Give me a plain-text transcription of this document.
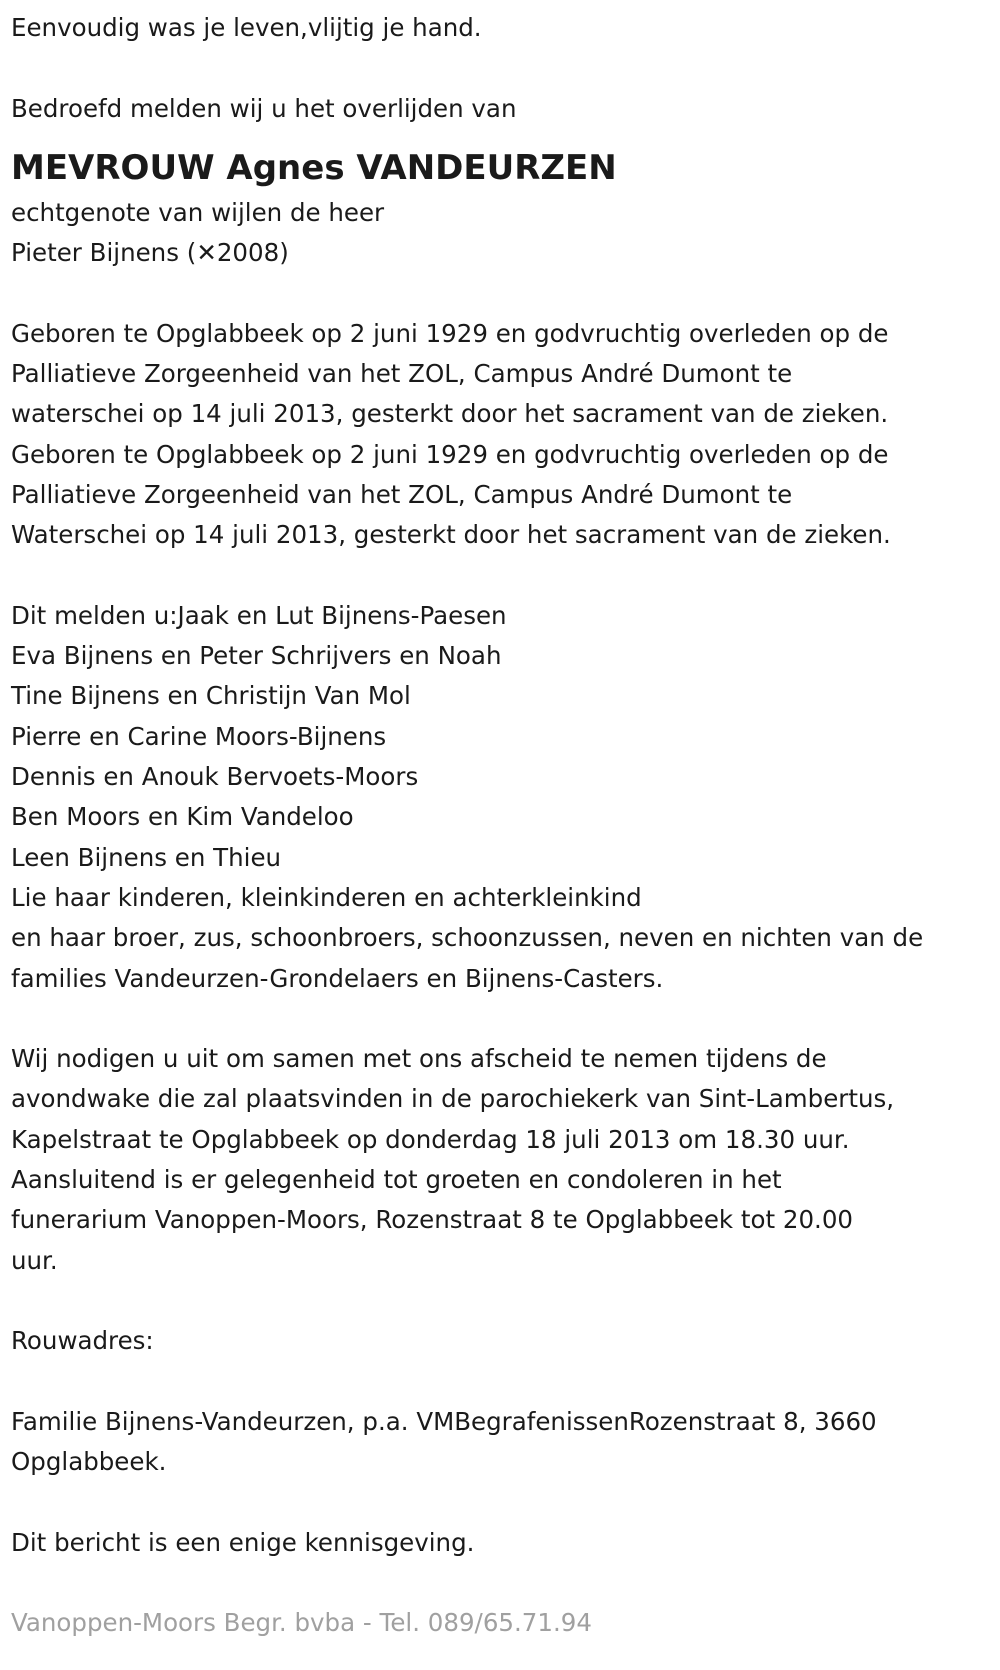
Eenvoudig was je leven,vlijtig je hand.
Bedroefd melden wij u het overlijden van
MEVROUW Agnes VANDEURZEN
echtgenote van wijlen de heer
Pieter Bijnens (✕2008)
Geboren te Opglabbeek op 2 juni 1929 en godvruchtig overleden op de
Palliatieve Zorgeenheid van het ZOL, Campus André Dumont te
waterschei op 14 juli 2013, gesterkt door het sacrament van de zieken.
Geboren te Opglabbeek op 2 juni 1929 en godvruchtig overleden op de
Palliatieve Zorgeenheid van het ZOL, Campus André Dumont te
Waterschei op 14 juli 2013, gesterkt door het sacrament van de zieken.
Dit melden u:Jaak en Lut Bijnens-Paesen
Eva Bijnens en Peter Schrijvers en Noah
Tine Bijnens en Christijn Van Mol
Pierre en Carine Moors-Bijnens
Dennis en Anouk Bervoets-Moors
Ben Moors en Kim Vandeloo
Leen Bijnens en Thieu
Lie haar kinderen, kleinkinderen en achterkleinkind
en haar broer, zus, schoonbroers, schoonzussen, neven en nichten van de
families Vandeurzen-Grondelaers en Bijnens-Casters.
Wij nodigen u uit om samen met ons afscheid te nemen tijdens de
avondwake die zal plaatsvinden in de parochiekerk van Sint-Lambertus,
Kapelstraat te Opglabbeek op donderdag 18 juli 2013 om 18.30 uur.
Aansluitend is er gelegenheid tot groeten en condoleren in het
funerarium Vanoppen-Moors, Rozenstraat 8 te Opglabbeek tot 20.00
uur.
Rouwadres:
Familie Bijnens-Vandeurzen, p.a. VMBegrafenissenRozenstraat 8, 3660
Opglabbeek.
Dit bericht is een enige kennisgeving.
Vanoppen-Moors Begr. bvba - Tel. 089/65.71.94
